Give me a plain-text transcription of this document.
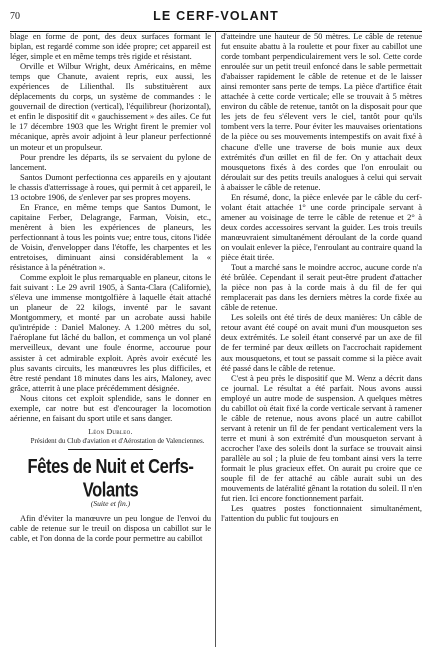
70	LE CERF-VOLANT

blage en forme de pont, des deux surfaces formant le biplan, est regardé comme son idée propre; cet appareil est léger, simple et en même temps très rigide et résistant.

Orville et Wilbur Wright, deux Américains, en même temps que Chanute, avaient repris, eux aussi, les expériences de Lilienthal. Ils substituèrent aux déplacements du corps, un système de commandes : le gouvernail de direction (vertical), l'équilibreur (horizontal), et enfin le dispositif dit « gauchissement » des ailes. Ce fut le 17 décembre 1903 que les Wright firent le premier vol mécanique, après avoir adjoint à leur planeur perfectionné un moteur et un propulseur.

Pour prendre les départs, ils se servaient du pylone de lancement.

Santos Dumont perfectionna ces appareils en y ajoutant le chassis d'atterrissage à roues, qui permit à cet appareil, le 13 octobre 1906, de s'enlever par ses propres moyens.

En France, en même temps que Santos Dumont, le capitaine Ferber, Delagrange, Farman, Voisin, etc., menèrent à bien les expériences de planeurs, les perfectionnant à tous les points vue; entre tous, citons l'idée de Voisin, d'envelopper dans l'étoffe, les charpentes et les entretoises, diminuant ainsi considérablement la « résistance à la pénétration ».

Comme exploit le plus remarquable en planeur, citons le fait suivant : Le 29 avril 1905, à Santa-Clara (Californie), s'éleva une immense montgolfière à laquelle était attaché un planeur de 22 kilogs, inventé par le savant Montgommery, et monté par un acrobate aussi habile qu'intrépide : Daniel Maloney. A 1.200 mètres du sol, l'aéroplane fut lâché du ballon, et commença un vol plané merveilleux, devant une foule énorme, accourue pour assister à cet admirable exploit. Après avoir exécuté les plus savants circuits, les manœuvres les plus difficiles, et être resté pendant 18 minutes dans les airs, Maloney, avec grâce, atterrit à une place précédemment désignée.

Nous citons cet exploit splendide, sans le donner en exemple, car notre but est d'encourager la locomotion aérienne, en faisant du sport utile et sans danger.

Léon Dubleo.

Président du Club d'aviation et d'Aérostation de Valenciennes.

Fêtes de Nuit et Cerfs-Volants

(Suite et fin.)

Afin d'éviter la manœuvre un peu longue de l'envoi du cable de retenue sur le treuil on disposa un cabillot sur le cable, et l'on donna de la corde pour permettre au cabillot

d'atteindre une hauteur de 50 mètres. Le câble de retenue fut ensuite abattu à la roulette et pour fixer au cabillot une corde tombant perpendiculairement vers le sol. Cette corde enroulée sur un petit treuil enfoncé dans le sable permettait d'abaisser rapidement le câble de retenue et de le laisser ainsi remonter sans perte de temps. La pièce d'artifice était attachée à cette corde verticale; elle se trouvait à 5 mètres environ du câble de retenue, tantôt on la disposait pour que les jets de feu s'élevent vers le ciel, tantôt pour qu'ils tombent vers la terre. Pour éviter les mauvaises orientations de la pièce ou ses mouvements intempestifs on avait fixé à chacune d'elle une traverse de bois munie aux deux extrémités d'un œillet en fil de fer. On y attachait deux mousquetons fixés à des cordes que l'on enroulait ou déroulait sur des petits treuils analogues à celui qui servait à abaisser le câble de retenue.

En résumé, donc, la pièce enlevée par le câble du cerf-volant était attachée 1° une corde principale servant à amener au voisinage de terre le câble de retenue et 2° à deux cordes accessoires servant la guider. Les trois treuils manœuvraient simultanément déroulant de la corde quand on voulait enlever la pièce, l'enroulant au contraire quand la pièce était tirée.

Tout a marché sans le moindre accroc, aucune corde n'a été brûlée. Cependant il serait peut-être prudent d'attacher la pièce non pas à la corde mais à du fil de fer qui remplacerait pas dans les derniers mètres la corde fixée au câble de retenue.

Les soleils ont été tirés de deux manières: Un câble de retour avant été coupé on avait muni d'un mousqueton ses deux extrémités. Le soleil étant conservé par un axe de fil de fer terminé par deux œillets on l'accrochait rapidement aux mousquetons, et tout se passait comme si la pièce avait été passé dans le câble de retenue.

C'est à peu près le dispositif que M. Wenz a décrit dans ce journal. Le résultat a été parfait. Nous avons aussi employé un autre mode de suspension. A quelques mètres du cabillot où était fixé la corde verticale servant à ramener le câble de retenue, nous avons placé un autre cabillot servant à retenir un fil de fer pendant verticalement vers la terre et muni à son extrémité d'un mousqueton servant à accrocher l'axe des soleils dont la surface se trouvait ainsi parallèle au sol ; la pluie de feu tombant ainsi vers la terre formait le plus gracieux effet. On aurait pu croire que ce souple fil de fer attaché au câble aurait subi un des mouvements de latéralité gênant la rotation du soleil. Il n'en fut rien. Ici encore fonctionnement parfait.

Les quatres postes fonctionnaient simultanément, l'attention du public fut toujours en
